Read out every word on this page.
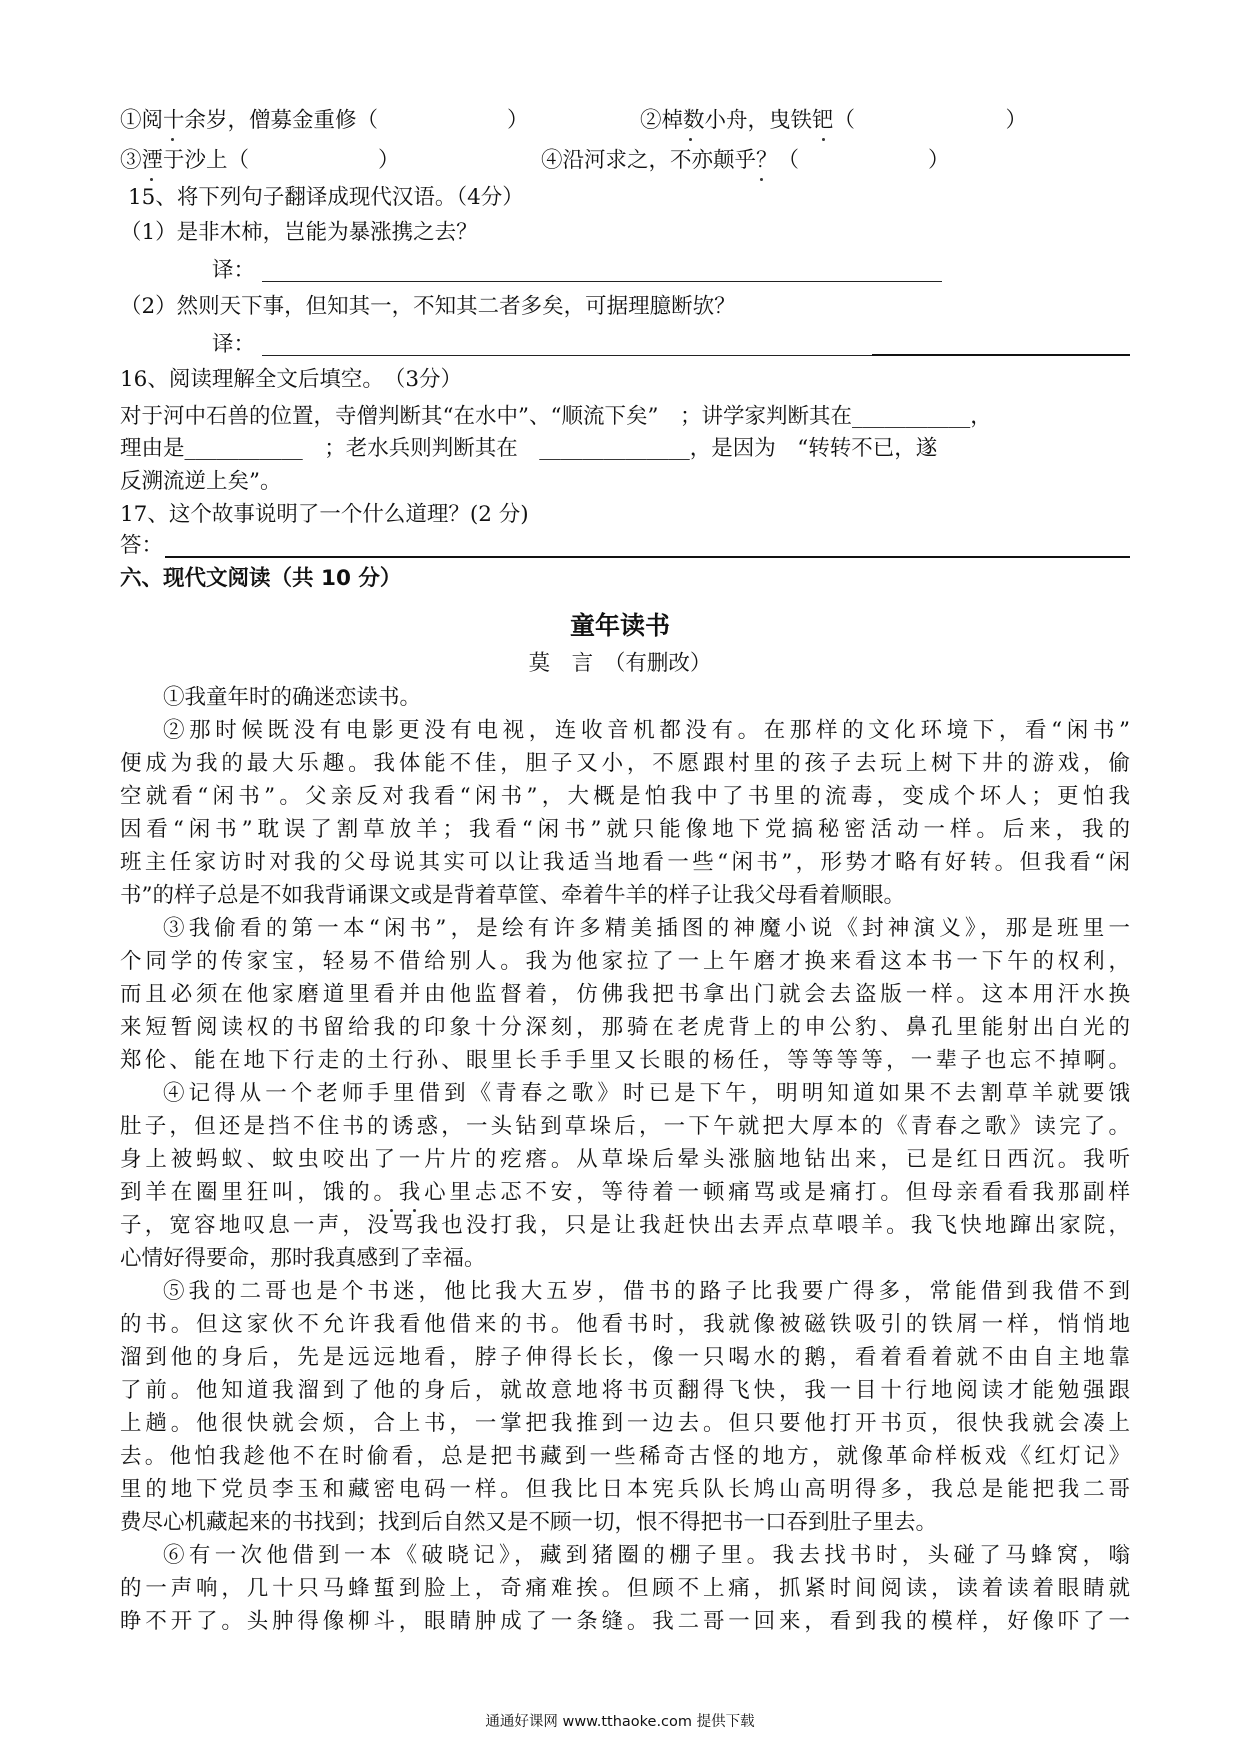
①阅十余岁，僧募金重修（　　　　　　）	②棹数小舟，曳铁钯（　　　　　　　）
③湮于沙上（　　　　　　）	④沿河求之，不亦颠乎？（　　　　　　）
15、将下列句子翻译成现代汉语。（4分）
（1）是非木柿，岂能为暴涨携之去？
译：
（2）然则天下事，但知其一，不知其二者多矣，可据理臆断欤？
译：
16、阅读理解全文后填空。　（3分）
对于河中石兽的位置，寺僧判断其“在水中”、“顺流下矣”　；讲学家判断其在___________，
理由是___________　；老水兵则判断其在　______________，是因为　“转转不已，遂
反溯流逆上矣”。
17、这个故事说明了一个什么道理？(2 分)
答：
六、现代文阅读（共 10 分）
童年读书
莫　言　（有删改）
①我童年时的确迷恋读书。
②那时候既没有电影更没有电视，连收音机都没有。在那样的文化环境下，看“闲书”
便成为我的最大乐趣。我体能不佳，胆子又小，不愿跟村里的孩子去玩上树下井的游戏，偷
空就看“闲书”。父亲反对我看“闲书”，大概是怕我中了书里的流毒，变成个坏人；更怕我
因看“闲书”耽误了割草放羊；我看“闲书”就只能像地下党搞秘密活动一样。后来，我的
班主任家访时对我的父母说其实可以让我适当地看一些“闲书”，形势才略有好转。但我看“闲
书”的样子总是不如我背诵课文或是背着草筐、牵着牛羊的样子让我父母看着顺眼。
③我偷看的第一本“闲书”，是绘有许多精美插图的神魔小说《封神演义》，那是班里一
个同学的传家宝，轻易不借给别人。我为他家拉了一上午磨才换来看这本书一下午的权利，
而且必须在他家磨道里看并由他监督着，仿佛我把书拿出门就会去盗版一样。这本用汗水换
来短暂阅读权的书留给我的印象十分深刻，那骑在老虎背上的申公豹、鼻孔里能射出白光的
郑伦、能在地下行走的土行孙、眼里长手手里又长眼的杨任，等等等等，一辈子也忘不掉啊。
④记得从一个老师手里借到《青春之歌》时已是下午，明明知道如果不去割草羊就要饿
肚子，但还是挡不住书的诱惑，一头钻到草垛后，一下午就把大厚本的《青春之歌》读完了。
身上被蚂蚁、蚊虫咬出了一片片的疙瘩。从草垛后晕头涨脑地钻出来，已是红日西沉。我听
到羊在圈里狂叫，饿的。我心里忐忑不安，等待着一顿痛骂或是痛打。但母亲看看我那副样
子，宽容地叹息一声，没骂我也没打我，只是让我赶快出去弄点草喂羊。我飞快地蹿出家院，
心情好得要命，那时我真感到了幸福。
⑤我的二哥也是个书迷，他比我大五岁，借书的路子比我要广得多，常能借到我借不到
的书。但这家伙不允许我看他借来的书。他看书时，我就像被磁铁吸引的铁屑一样，悄悄地
溜到他的身后，先是远远地看，脖子伸得长长，像一只喝水的鹅，看着看着就不由自主地靠
了前。他知道我溜到了他的身后，就故意地将书页翻得飞快，我一目十行地阅读才能勉强跟
上趟。他很快就会烦，合上书，一掌把我推到一边去。但只要他打开书页，很快我就会凑上
去。他怕我趁他不在时偷看，总是把书藏到一些稀奇古怪的地方，就像革命样板戏《红灯记》
里的地下党员李玉和藏密电码一样。但我比日本宪兵队长鸠山高明得多，我总是能把我二哥
费尽心机藏起来的书找到；找到后自然又是不顾一切，恨不得把书一口吞到肚子里去。
⑥有一次他借到一本《破晓记》，藏到猪圈的棚子里。我去找书时，头碰了马蜂窝，嗡
的一声响，几十只马蜂蜇到脸上，奇痛难挨。但顾不上痛，抓紧时间阅读，读着读着眼睛就
睁不开了。头肿得像柳斗，眼睛肿成了一条缝。我二哥一回来，看到我的模样，好像吓了一
通通好课网 www.tthaoke.com 提供下载
